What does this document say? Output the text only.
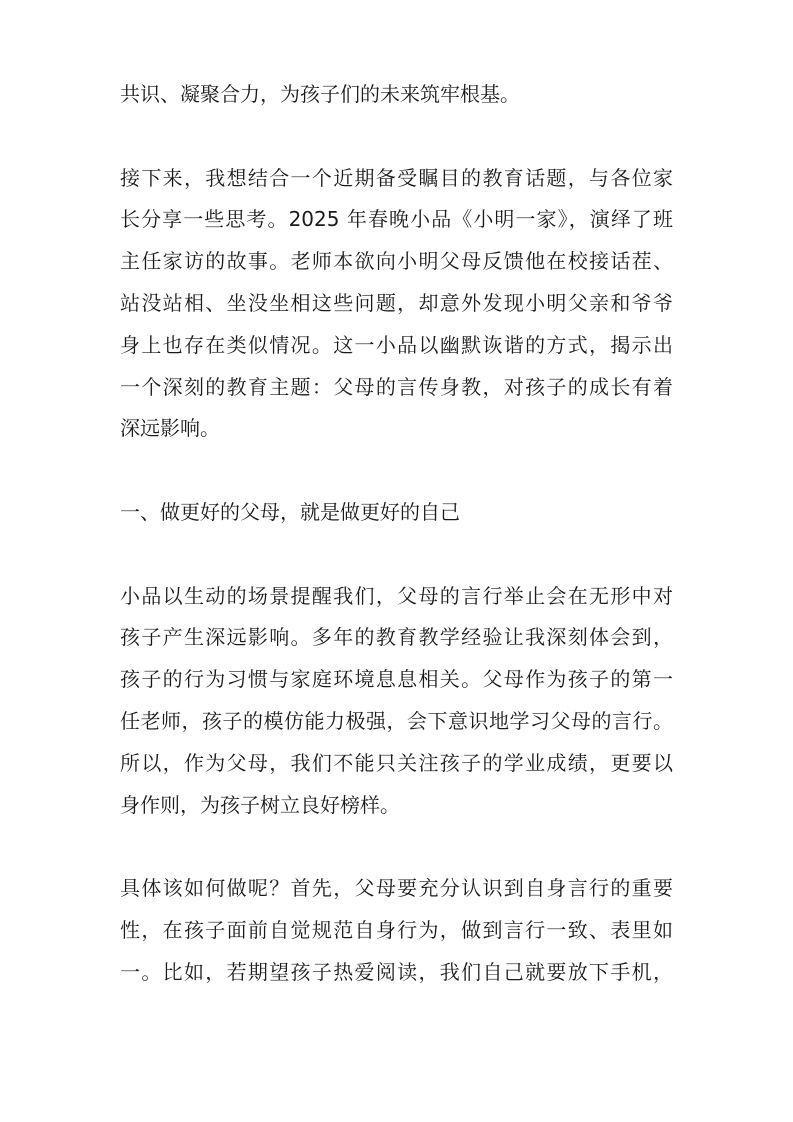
共识、凝聚合力，为孩子们的未来筑牢根基。
接下来，我想结合一个近期备受瞩目的教育话题，与各位家
长分享一些思考。2025 年春晚小品《小明一家》，演绎了班
主任家访的故事。老师本欲向小明父母反馈他在校接话茬、
站没站相、坐没坐相这些问题，却意外发现小明父亲和爷爷
身上也存在类似情况。这一小品以幽默诙谐的方式，揭示出
一个深刻的教育主题：父母的言传身教，对孩子的成长有着
深远影响。
一、做更好的父母，就是做更好的自己
小品以生动的场景提醒我们，父母的言行举止会在无形中对
孩子产生深远影响。多年的教育教学经验让我深刻体会到，
孩子的行为习惯与家庭环境息息相关。父母作为孩子的第一
任老师，孩子的模仿能力极强，会下意识地学习父母的言行。
所以，作为父母，我们不能只关注孩子的学业成绩，更要以
身作则，为孩子树立良好榜样。
具体该如何做呢？首先，父母要充分认识到自身言行的重要
性，在孩子面前自觉规范自身行为，做到言行一致、表里如
一。比如，若期望孩子热爱阅读，我们自己就要放下手机，
